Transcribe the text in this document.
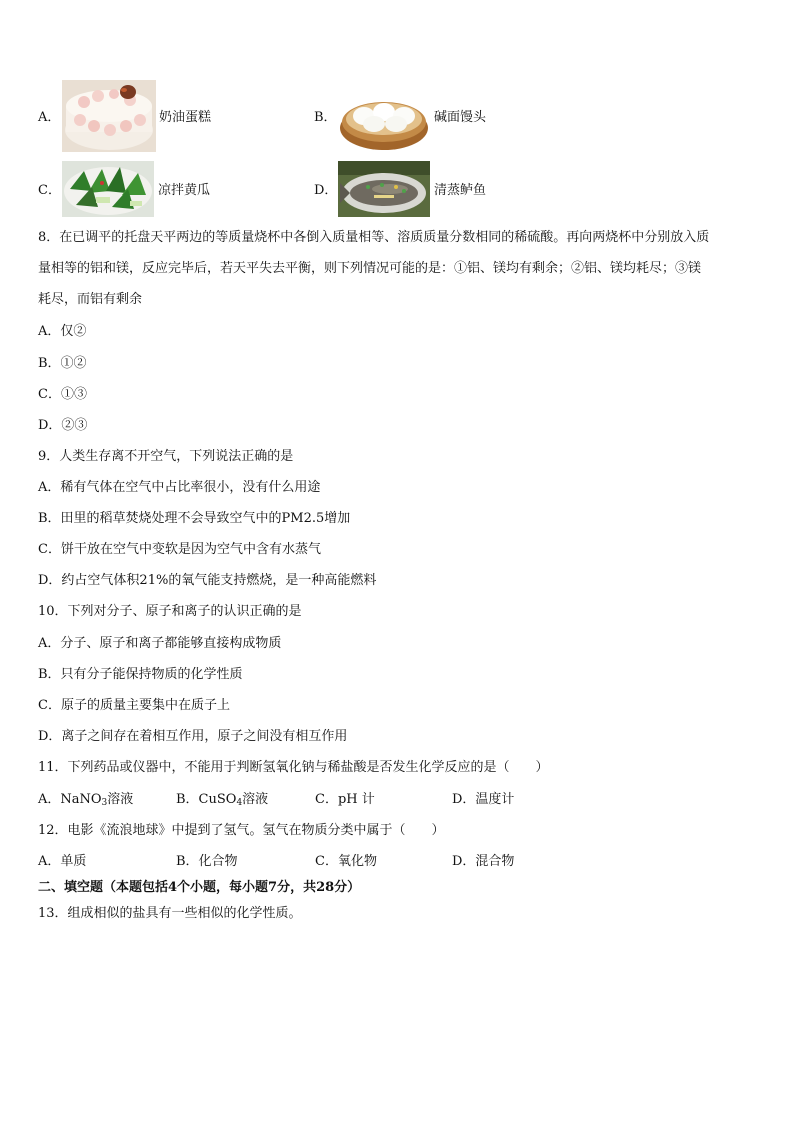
A．	奶油蛋糕	B．	碱面馒头
C．	凉拌黄瓜	D．	清蒸鲈鱼
8．在已调平的托盘天平两边的等质量烧杯中各倒入质量相等、溶质质量分数相同的稀硫酸。再向两烧杯中分别放入质
量相等的铝和镁，反应完毕后，若天平失去平衡，则下列情况可能的是：①铝、镁均有剩余；②铝、镁均耗尽；③镁
耗尽，而铝有剩余
A．仅②
B．①②
C．①③
D．②③
9．人类生存离不开空气，下列说法正确的是
A．稀有气体在空气中占比率很小，没有什么用途
B．田里的稻草焚烧处理不会导致空气中的PM2.5增加
C．饼干放在空气中变软是因为空气中含有水蒸气
D．约占空气体积21%的氧气能支持燃烧，是一种高能燃料
10．下列对分子、原子和离子的认识正确的是
A．分子、原子和离子都能够直接构成物质
B．只有分子能保持物质的化学性质
C．原子的质量主要集中在质子上
D．离子之间存在着相互作用，原子之间没有相互作用
11．下列药品或仪器中，不能用于判断氢氧化钠与稀盐酸是否发生化学反应的是（　　）
A．NaNO$_3$溶液	B．CuSO$_4$溶液	C．pH 计	D．温度计
12．电影《流浪地球》中提到了氢气。氢气在物质分类中属于（　　）
A．单质	B．化合物	C．氧化物	D．混合物
二、填空题（本题包括4个小题，每小题7分，共28分）
13．组成相似的盐具有一些相似的化学性质。
